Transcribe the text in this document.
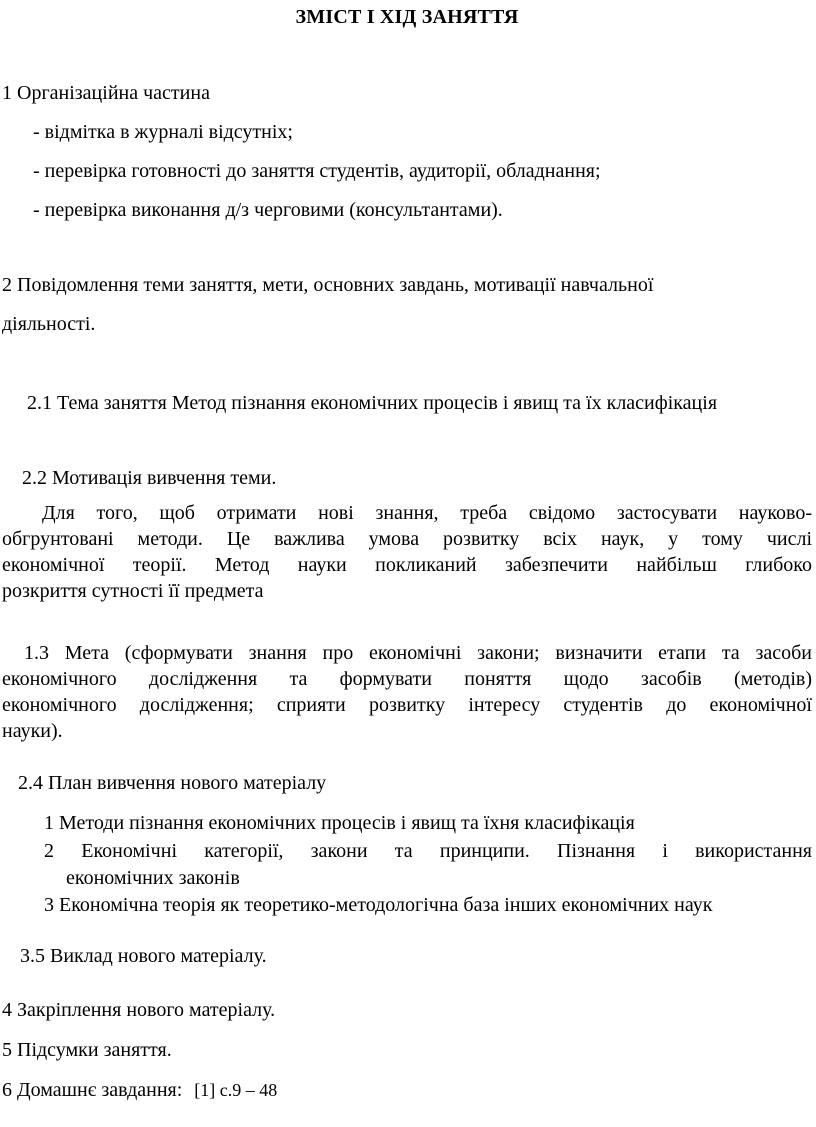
ЗМІСТ І ХІД ЗАНЯТТЯ
1 Організаційна частина
- відмітка в журналі відсутніх;
- перевірка готовності до заняття студентів, аудиторії, обладнання;
- перевірка виконання д/з черговими (консультантами).
2 Повідомлення теми заняття, мети, основних завдань, мотивації навчальної
діяльності.
2.1 Тема заняття Метод пізнання економічних процесів і явищ та їх класифікація
2.2 Мотивація вивчення теми.
Для того, щоб отримати нові знання, треба свідомо застосувати науково-
обгрунтовані методи. Це важлива умова розвитку всіх наук, у тому числі
економічної теорії. Метод науки покликаний забезпечити найбільш глибоко
розкриття сутності її предмета
1.3 Мета (сформувати знання про економічні закони; визначити етапи та засоби
економічного дослідження та формувати поняття щодо засобів (методів)
економічного дослідження; сприяти розвитку інтересу студентів до економічної
науки).
2.4 План вивчення нового матеріалу
1 Методи пізнання економічних процесів і явищ та їхня класифікація
2 Економічні категорії, закони та принципи. Пізнання і використання
економічних законів
3 Економічна теорія як теоретико-методологічна база інших економічних наук
3.5 Виклад нового матеріалу.
4 Закріплення нового матеріалу.
5 Підсумки заняття.
6 Домашнє завдання: [1] с.9 – 48
